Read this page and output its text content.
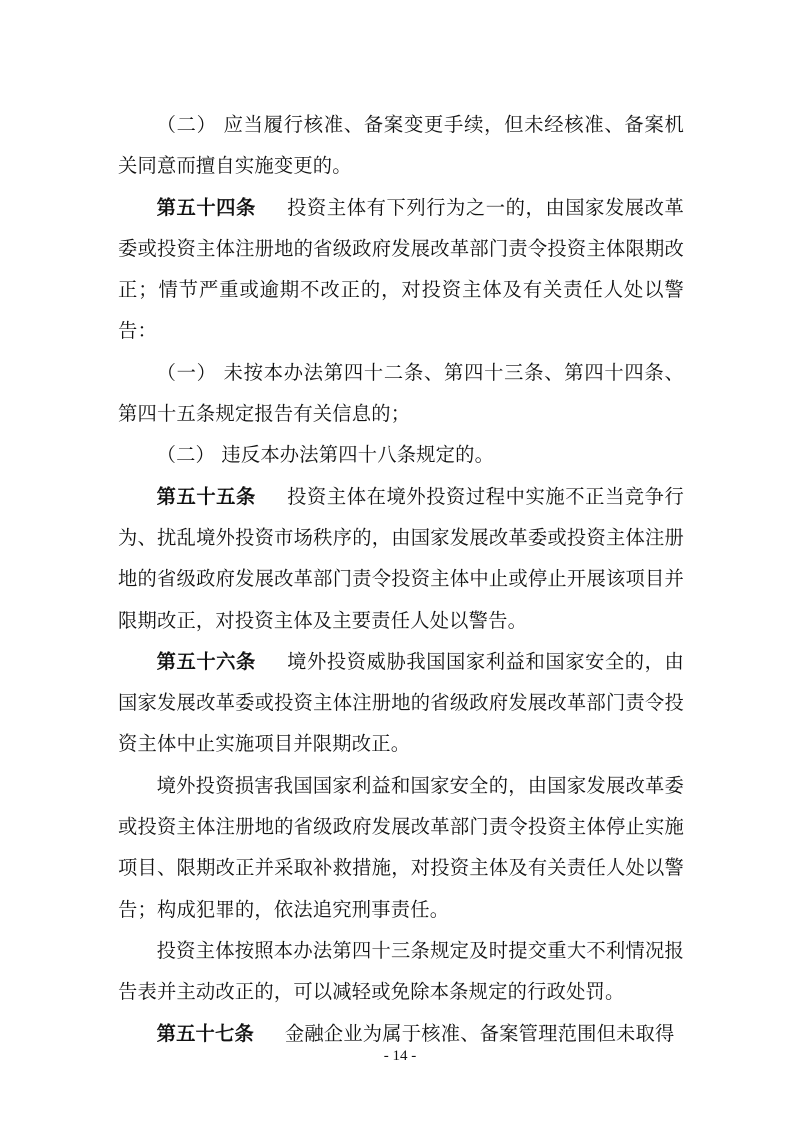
（二） 应当履行核准、备案变更手续，但未经核准、备案机关同意而擅自实施变更的。

第五十四条 投资主体有下列行为之一的，由国家发展改革委或投资主体注册地的省级政府发展改革部门责令投资主体限期改正；情节严重或逾期不改正的，对投资主体及有关责任人处以警告：

（一） 未按本办法第四十二条、第四十三条、第四十四条、第四十五条规定报告有关信息的；

（二） 违反本办法第四十八条规定的。

第五十五条 投资主体在境外投资过程中实施不正当竞争行为、扰乱境外投资市场秩序的，由国家发展改革委或投资主体注册地的省级政府发展改革部门责令投资主体中止或停止开展该项目并限期改正，对投资主体及主要责任人处以警告。

第五十六条 境外投资威胁我国国家利益和国家安全的，由国家发展改革委或投资主体注册地的省级政府发展改革部门责令投资主体中止实施项目并限期改正。

境外投资损害我国国家利益和国家安全的，由国家发展改革委或投资主体注册地的省级政府发展改革部门责令投资主体停止实施项目、限期改正并采取补救措施，对投资主体及有关责任人处以警告；构成犯罪的，依法追究刑事责任。

投资主体按照本办法第四十三条规定及时提交重大不利情况报告表并主动改正的，可以减轻或免除本条规定的行政处罚。

第五十七条 金融企业为属于核准、备案管理范围但未取得

- 14 -
